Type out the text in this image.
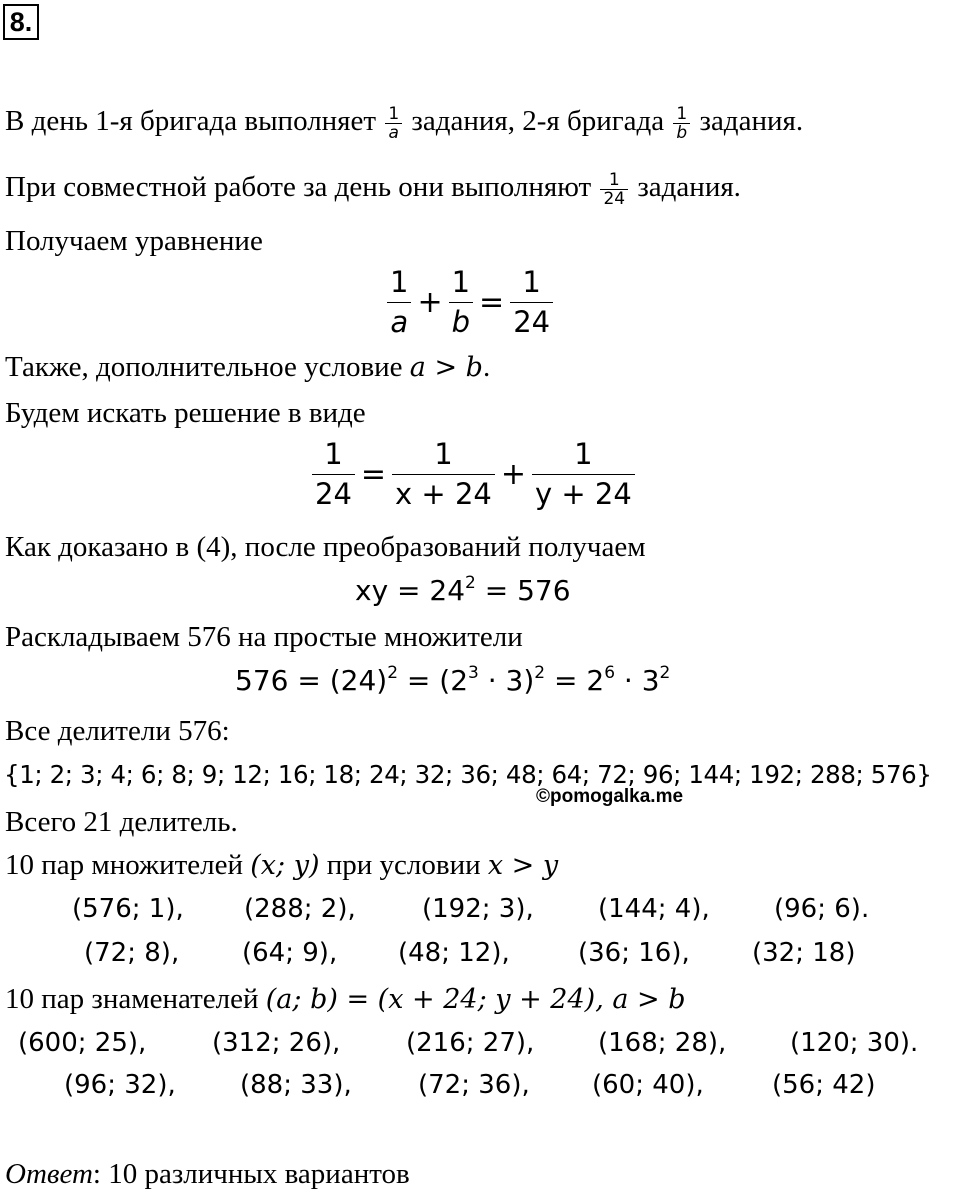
8.
В день 1-я бригада выполняет $\frac{1}{a}$ задания, 2-я бригада $\frac{1}{b}$ задания.
При совместной работе за день они выполняют $\frac{1}{24}$ задания.
Получаем уравнение
$\frac{1}{a} + \frac{1}{b} = \frac{1}{24}$
Также, дополнительное условие a > b.
Будем искать решение в виде
$\frac{1}{24} = \frac{1}{x + 24} + \frac{1}{y + 24}$
Как доказано в (4), после преобразований получаем
xy = $24^2 = 576$
Раскладываем 576 на простые множители
$576 = (24)^2 = (2^3 \cdot 3)^2 = 2^6 \cdot 3^2$
Все делители 576:
{1; 2; 3; 4; 6; 8; 9; 12; 16; 18; 24; 32; 36; 48; 64; 72; 96; 144; 192; 288; 576}
©pomogalka.me
Всего 21 делитель.
10 пар множителей (x; y) при условии x > y
(576; 1), (288; 2),	(192; 3), (144; 4), (96; 6).
(72; 8), (64; 9), (48; 12),	(36; 16), (32; 18)
10 пар знаменателей (a; b) = (x + 24; y + 24), a > b
(600; 25),	(312; 26),	(216; 27), (168; 28), (120; 30).
(96; 32), (88; 33),	(72; 36), (60; 40),	(56; 42)
Ответ: 10 различных вариантов
